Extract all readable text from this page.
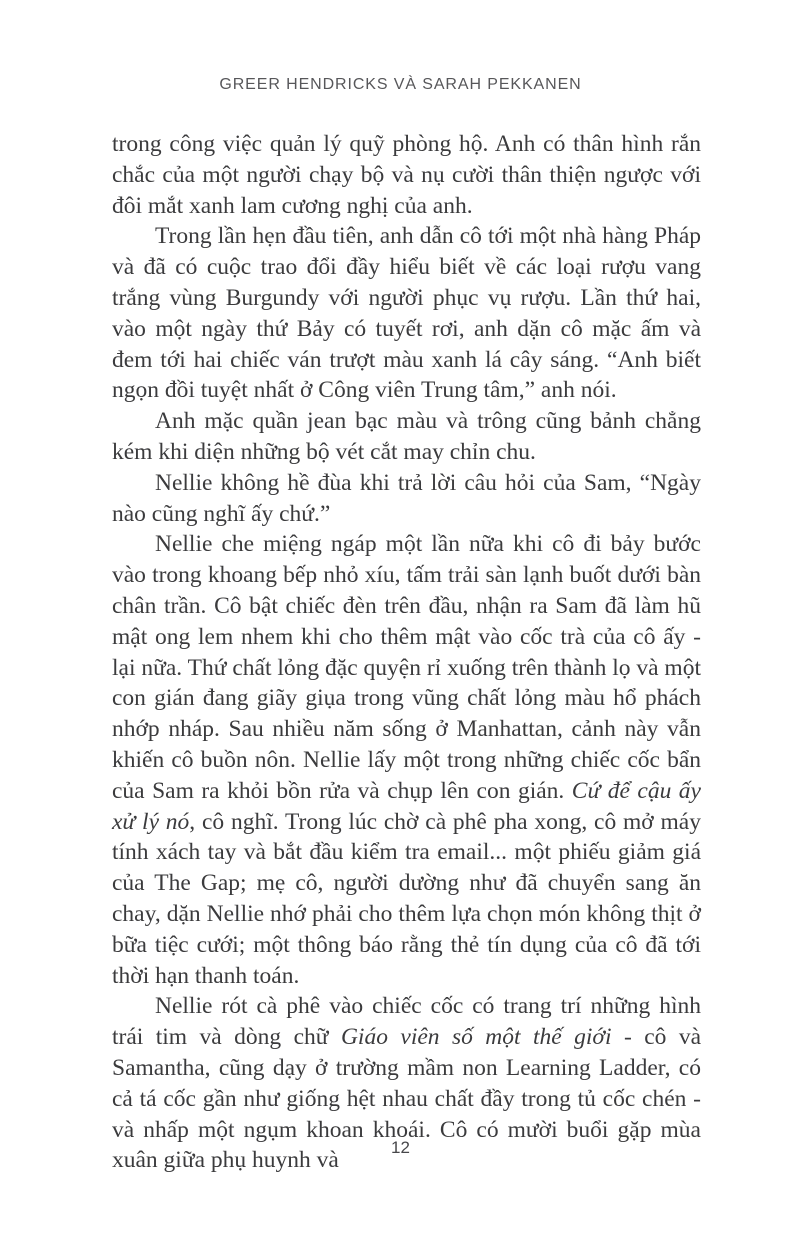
GREER HENDRICKS VÀ SARAH PEKKANEN

trong công việc quản lý quỹ phòng hộ. Anh có thân hình rắn chắc của một người chạy bộ và nụ cười thân thiện ngược với đôi mắt xanh lam cương nghị của anh.

Trong lần hẹn đầu tiên, anh dẫn cô tới một nhà hàng Pháp và đã có cuộc trao đổi đầy hiểu biết về các loại rượu vang trắng vùng Burgundy với người phục vụ rượu. Lần thứ hai, vào một ngày thứ Bảy có tuyết rơi, anh dặn cô mặc ấm và đem tới hai chiếc ván trượt màu xanh lá cây sáng. “Anh biết ngọn đồi tuyệt nhất ở Công viên Trung tâm,” anh nói.

Anh mặc quần jean bạc màu và trông cũng bảnh chẳng kém khi diện những bộ vét cắt may chỉn chu.

Nellie không hề đùa khi trả lời câu hỏi của Sam, “Ngày nào cũng nghĩ ấy chứ.”

Nellie che miệng ngáp một lần nữa khi cô đi bảy bước vào trong khoang bếp nhỏ xíu, tấm trải sàn lạnh buốt dưới bàn chân trần. Cô bật chiếc đèn trên đầu, nhận ra Sam đã làm hũ mật ong lem nhem khi cho thêm mật vào cốc trà của cô ấy - lại nữa. Thứ chất lỏng đặc quyện rỉ xuống trên thành lọ và một con gián đang giãy giụa trong vũng chất lỏng màu hổ phách nhớp nháp. Sau nhiều năm sống ở Manhattan, cảnh này vẫn khiến cô buồn nôn. Nellie lấy một trong những chiếc cốc bẩn của Sam ra khỏi bồn rửa và chụp lên con gián. Cứ để cậu ấy xử lý nó, cô nghĩ. Trong lúc chờ cà phê pha xong, cô mở máy tính xách tay và bắt đầu kiểm tra email... một phiếu giảm giá của The Gap; mẹ cô, người dường như đã chuyển sang ăn chay, dặn Nellie nhớ phải cho thêm lựa chọn món không thịt ở bữa tiệc cưới; một thông báo rằng thẻ tín dụng của cô đã tới thời hạn thanh toán.

Nellie rót cà phê vào chiếc cốc có trang trí những hình trái tim và dòng chữ Giáo viên số một thế giới - cô và Samantha, cũng dạy ở trường mầm non Learning Ladder, có cả tá cốc gần như giống hệt nhau chất đầy trong tủ cốc chén - và nhấp một ngụm khoan khoái. Cô có mười buổi gặp mùa xuân giữa phụ huynh và	12
